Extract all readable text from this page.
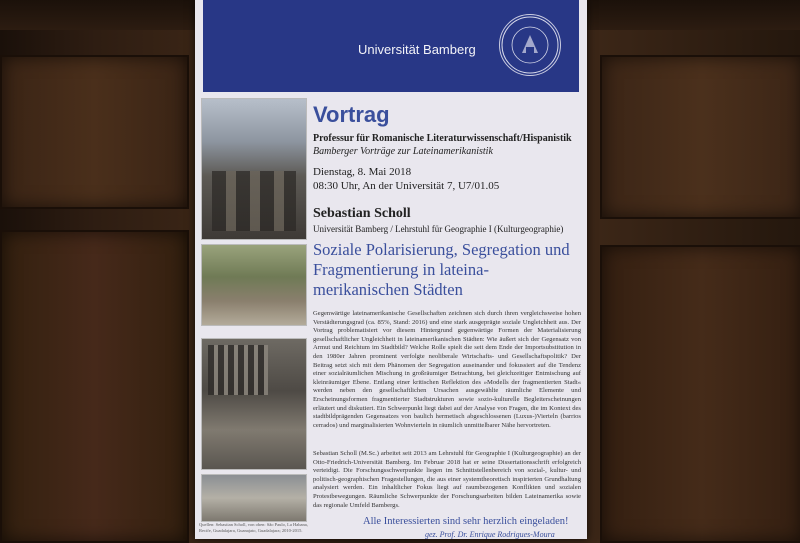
Universität Bamberg
Quellen: Sebastian Scholl, von oben: São Paulo, La Habana, Recife, Guadalajara, Guanajato, Guadalajara; 2010-2015.
Vortrag
Professur für Romanische Literaturwissenschaft/Hispanistik
Bamberger Vorträge zur Lateinamerikanistik
Dienstag, 8. Mai 2018
08:30 Uhr, An der Universität 7, U7/01.05
Sebastian Scholl
Universität Bamberg / Lehrstuhl für Geographie I (Kulturgeographie)
Soziale Polarisierung, Segregation und Fragmentierung in lateina-merikanischen Städten
Gegenwärtige lateinamerikanische Gesellschaften zeichnen sich durch ihren vergleichsweise hohen Verstädterungsgrad (ca. 85%, Stand: 2016) und eine stark ausgeprägte soziale Ungleichheit aus. Der Vortrag problematisiert vor diesem Hintergrund gegenwärtige Formen der Materialisierung gesellschaftlicher Ungleichheit in lateinamerikanischen Städten: Wie äußert sich der Gegensatz von Armut und Reichtum im Stadtbild? Welche Rolle spielt die seit dem Ende der Importsubstitution in den 1980er Jahren prominent verfolgte neoliberale Wirtschafts- und Gesellschaftspolitik? Der Beitrag setzt sich mit dem Phänomen der Segregation auseinander und fokussiert auf die Tendenz einer sozialräumlichen Mischung in großräumiger Betrachtung, bei gleichzeitiger Entmischung auf kleinräumiger Ebene. Entlang einer kritischen Reflektion des »Modells der fragmentierten Stadt« werden neben den gesellschaftlichen Ursachen ausgewählte räumliche Elemente und Erscheinungsformen fragmentierter Stadtstrukturen sowie sozio-kulturelle Begleiterscheinungen erläutert und diskutiert. Ein Schwerpunkt liegt dabei auf der Analyse von Fragen, die im Kontext des stadtbildprägenden Gegensatzes von baulich hermetisch abgeschlossenen (Luxus-)Vierteln (barrios cerrados) und marginalisierten Wohnvierteln in räumlich unmittelbarer Nähe hervortreten.
Sebastian Scholl (M.Sc.) arbeitet seit 2013 am Lehrstuhl für Geographie I (Kulturgeographie) an der Otto-Friedrich-Universität Bamberg. Im Februar 2018 hat er seine Dissertationsschrift erfolgreich verteidigt. Die Forschungsschwerpunkte liegen im Schnittstellenbereich von sozial-, kultur- und politisch-geographischen Fragestellungen, die aus einer systemtheoretisch inspirierten Grundhaltung analysiert werden. Ein inhaltlicher Fokus liegt auf raumbezogenen Konflikten und sozialen Protestbewegungen. Räumliche Schwerpunkte der Forschungsarbeiten bilden Lateinamerika sowie das regionale Umfeld Bambergs.
Alle Interessierten sind sehr herzlich eingeladen!
gez. Prof. Dr. Enrique Rodrigues-Moura
